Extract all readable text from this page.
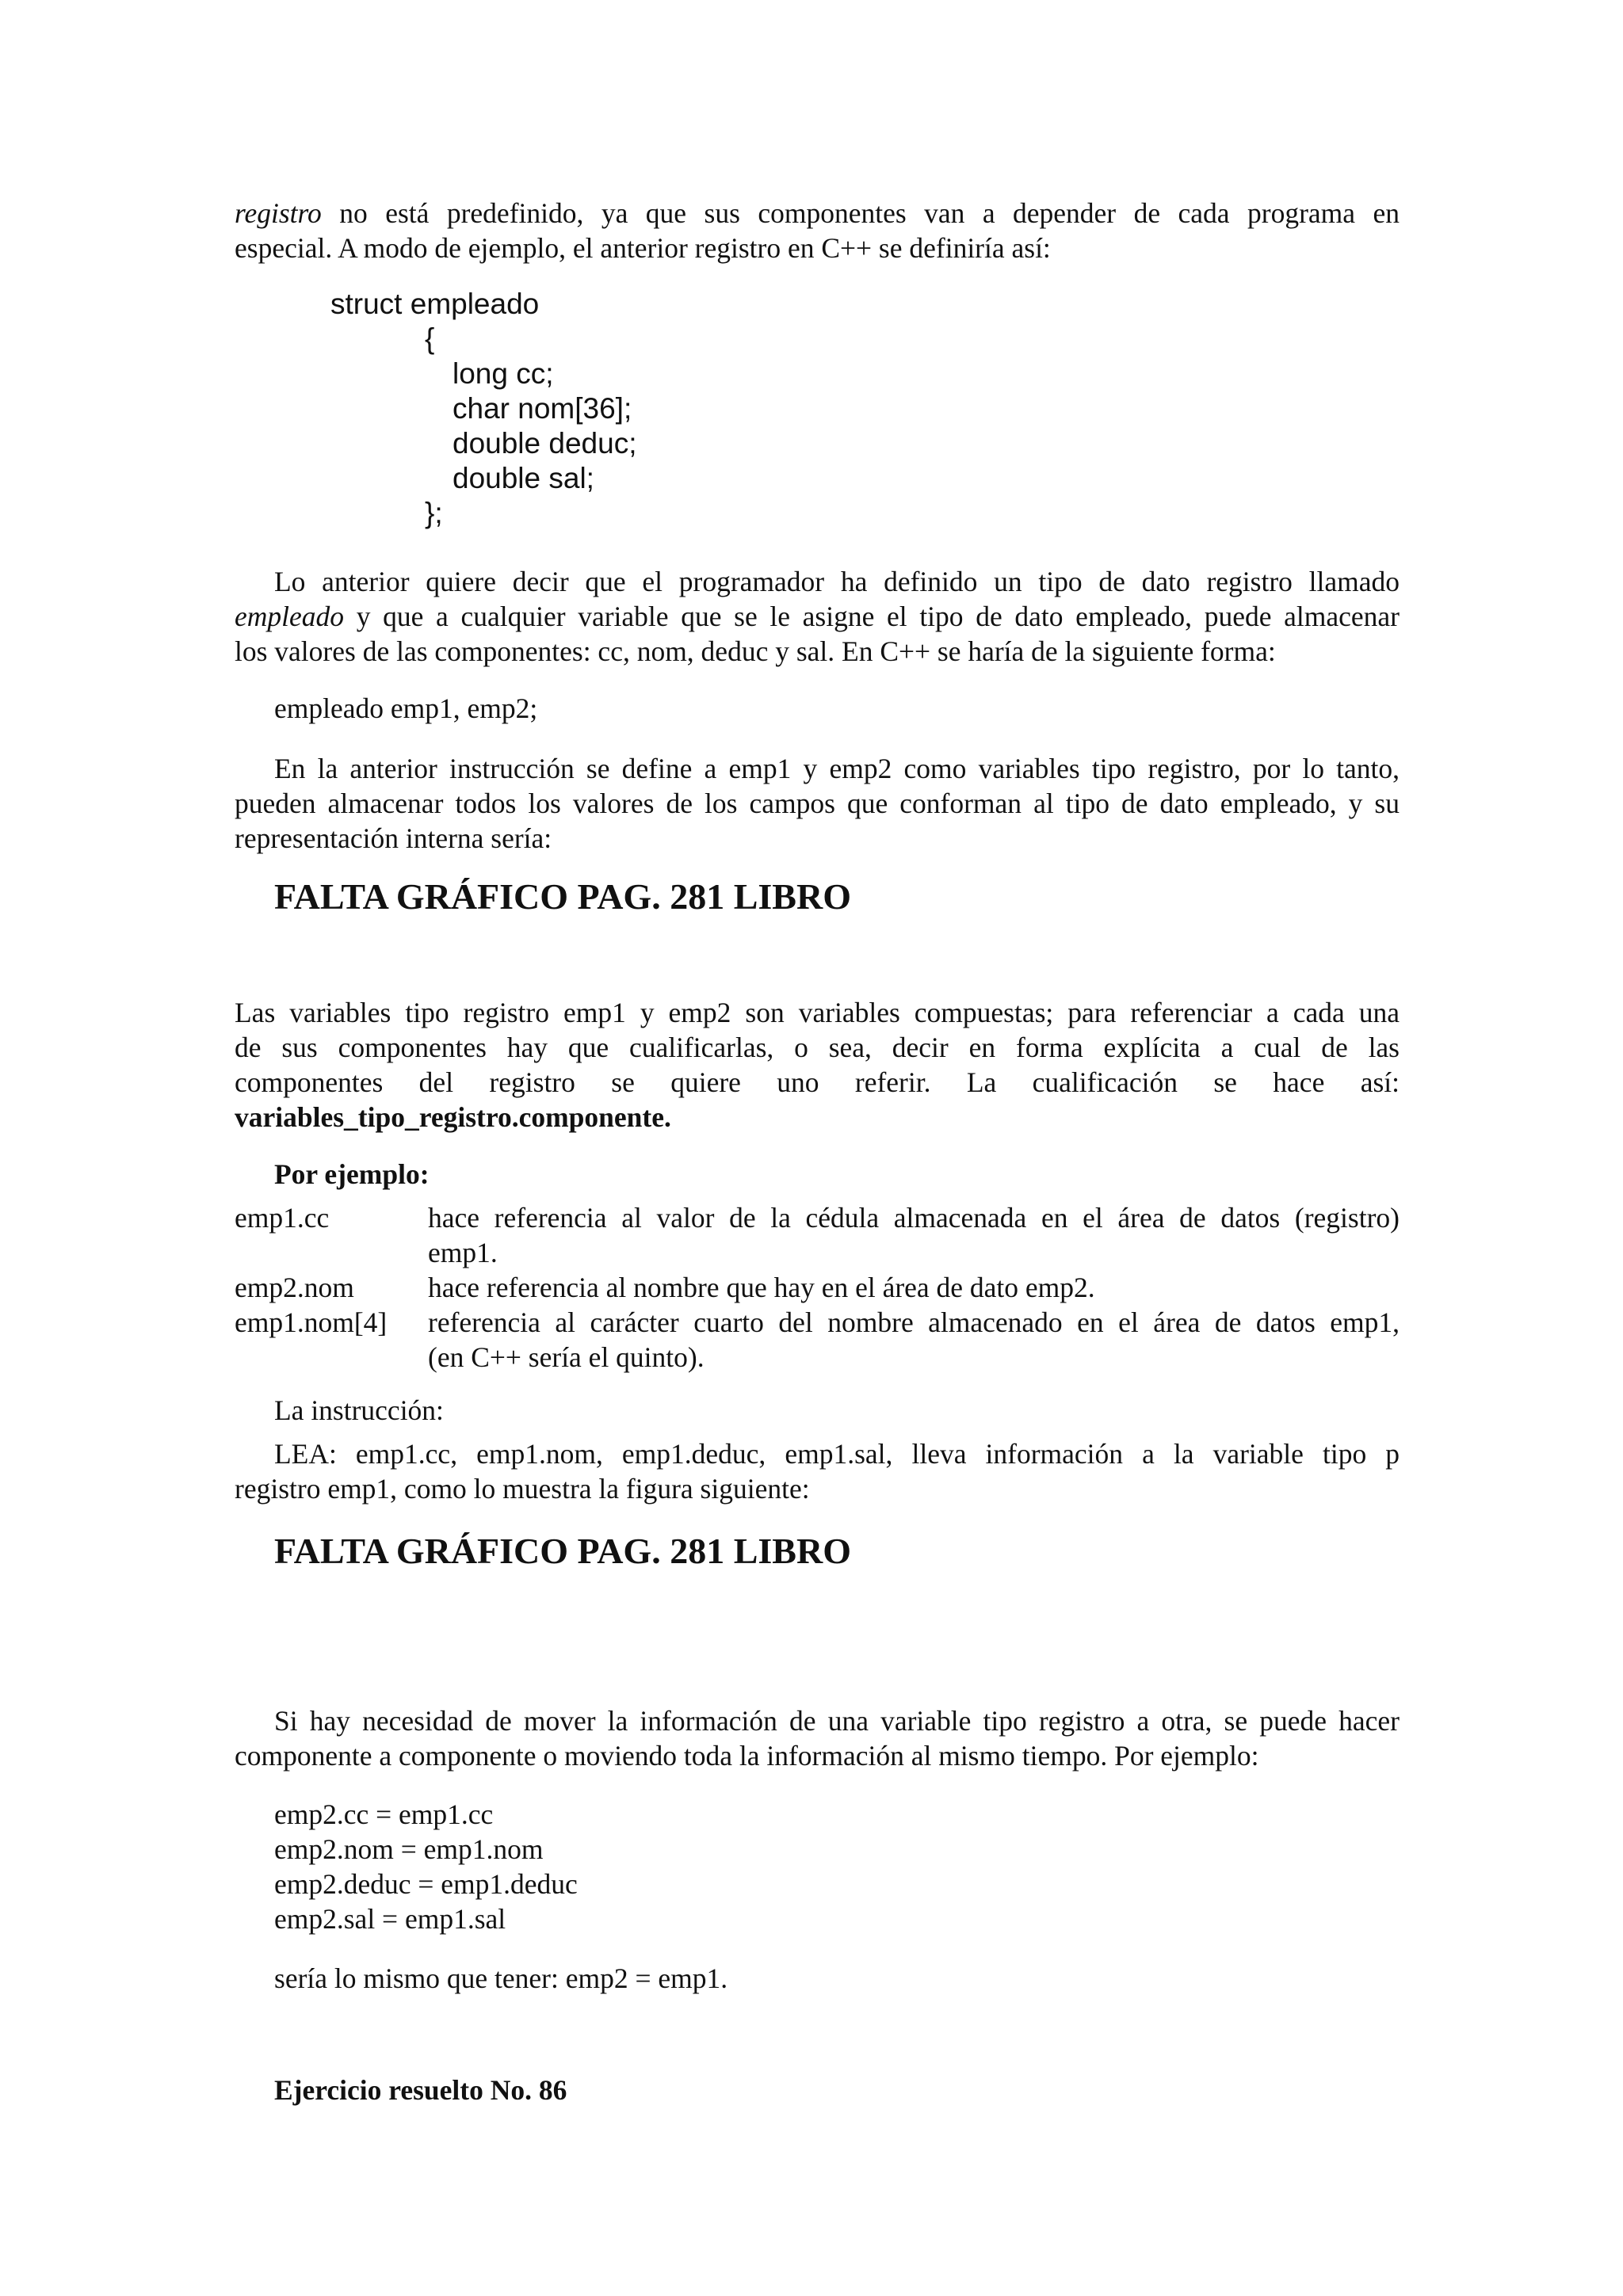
registro no está predefinido, ya que sus componentes van a depender de cada programa en
especial. A modo de ejemplo, el anterior registro en C++ se definiría así:
struct empleado
{
long cc;
char nom[36];
double deduc;
double sal;
};
Lo anterior quiere decir que el programador ha definido un tipo de dato registro llamado
empleado y que a cualquier variable que se le asigne el tipo de dato empleado, puede almacenar
los valores de las componentes: cc, nom, deduc y sal. En C++ se haría de la siguiente forma:
empleado emp1, emp2;
En la anterior instrucción se define a emp1 y emp2 como variables tipo registro, por lo tanto,
pueden almacenar todos los valores de los campos que conforman al tipo de dato empleado, y su
representación interna sería:
FALTA GRÁFICO PAG. 281 LIBRO
Las variables tipo registro emp1 y emp2 son variables compuestas; para referenciar a cada una
de sus componentes hay que cualificarlas, o sea, decir en forma explícita a cual de las
componentes del registro se quiere uno referir. La cualificación se hace así:
variables_tipo_registro.componente.
Por ejemplo:
emp1.cc	hace referencia al valor de la cédula almacenada en el área de datos (registro)
emp1.
emp2.nom	hace referencia al nombre que hay en el área de dato emp2.
emp1.nom[4] referencia al carácter cuarto del nombre almacenado en el área de datos emp1,
(en C++ sería el quinto).
La instrucción:
LEA: emp1.cc, emp1.nom, emp1.deduc, emp1.sal, lleva información a la variable tipo p
registro emp1, como lo muestra la figura siguiente:
FALTA GRÁFICO PAG. 281 LIBRO
Si hay necesidad de mover la información de una variable tipo registro a otra, se puede hacer
componente a componente o moviendo toda la información al mismo tiempo. Por ejemplo:
emp2.cc = emp1.cc
emp2.nom = emp1.nom
emp2.deduc = emp1.deduc
emp2.sal = emp1.sal
sería lo mismo que tener: emp2 = emp1.
Ejercicio resuelto No. 86
